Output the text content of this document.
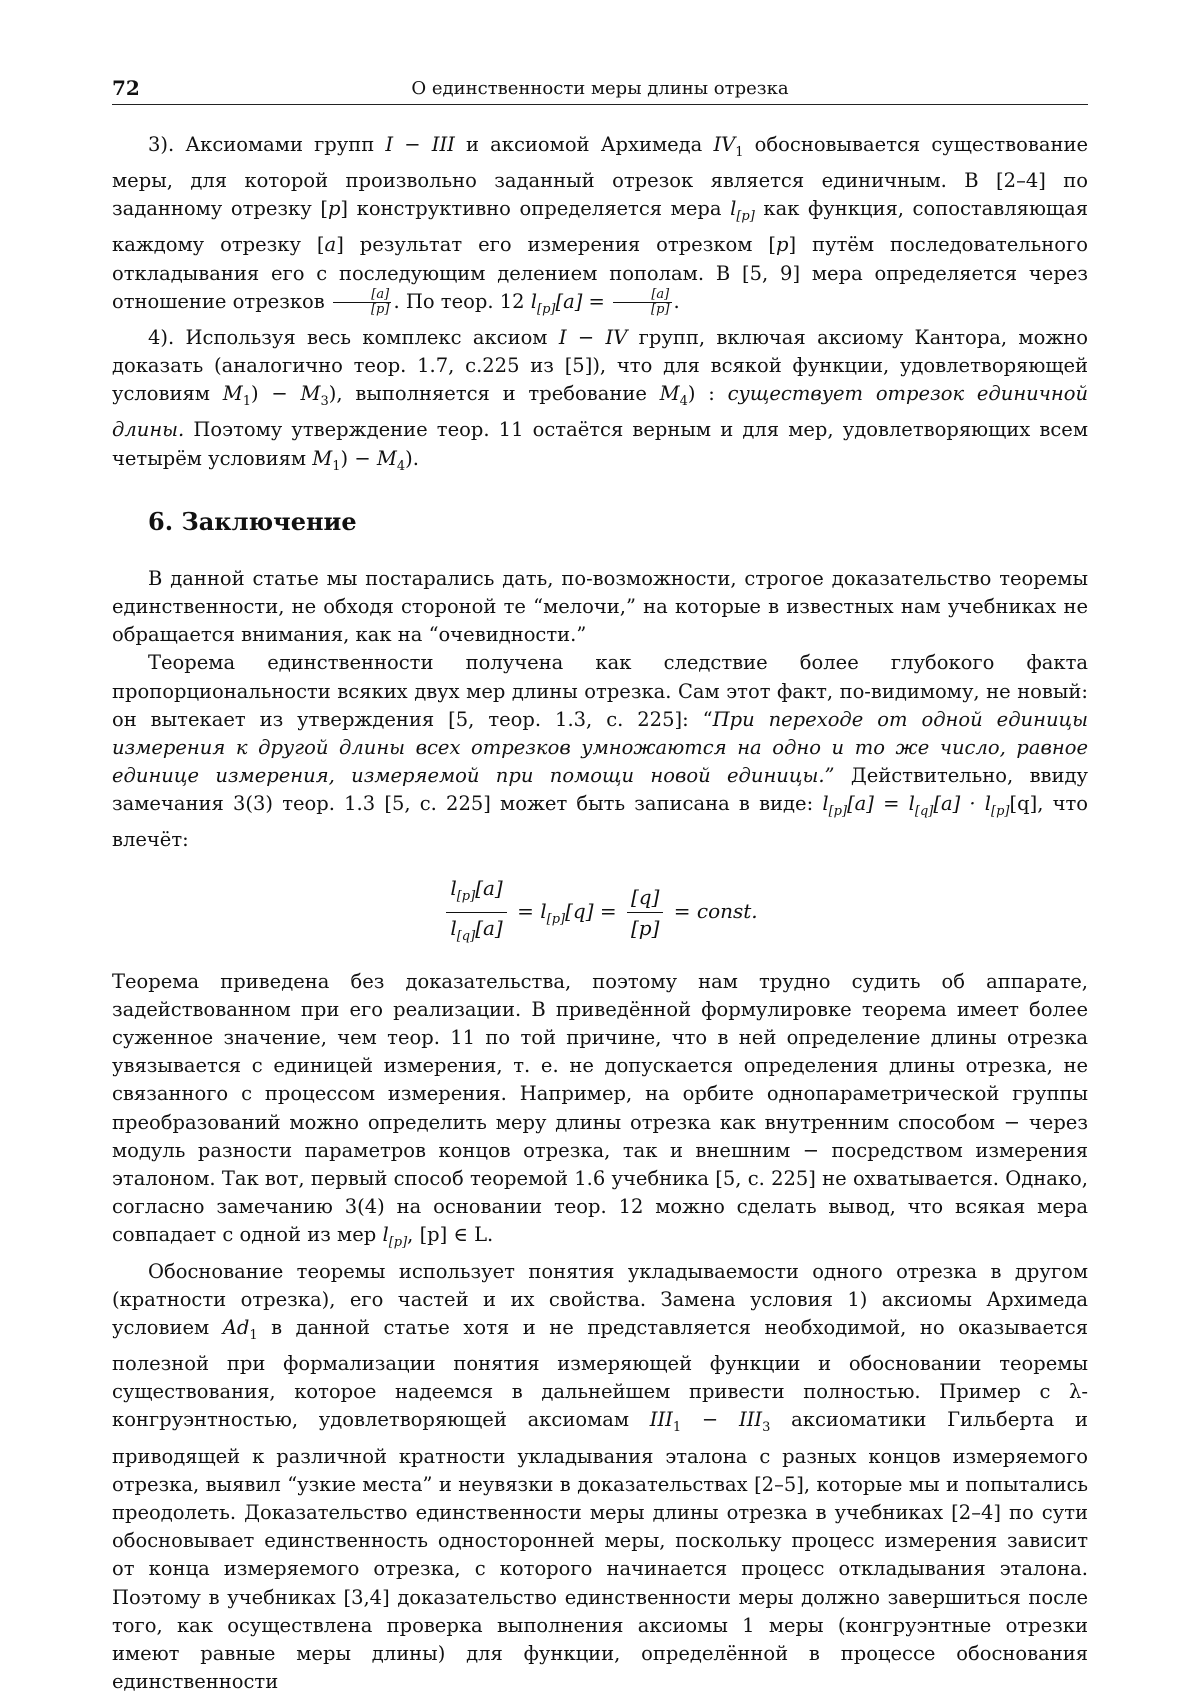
72	О единственности меры длины отрезка

3). Аксиомами групп I − III и аксиомой Архимеда $IV_1$ обосновывается существование меры, для которой произвольно заданный отрезок является единичным. В [2–4] по заданному отрезку [p] конструктивно определяется мера $l_{[p]}$ как функция, сопоставляющая каждому отрезку [a] результат его измерения отрезком [p] путём последовательного откладывания его с последующим делением пополам. В [5, 9] мера определяется через отношение отрезков $\frac{[a]}{[p]}$ . По теор. 12 $l_{[p]}[a] = \frac{[a]}{[p]}$ .

4). Используя весь комплекс аксиом I − IV групп, включая аксиому Кантора, можно доказать (аналогично теор. 1.7, с.225 из [5]), что для всякой функции, удовлетворяющей условиям $M_1) - M_3$), выполняется и требование $M_4$) : существует отрезок единичной длины. Поэтому утверждение теор. 11 остаётся верным и для мер, удовлетворяющих всем четырём условиям $M_1) - M_4$).

6. Заключение

В данной статье мы постарались дать, по-возможности, строгое доказательство теоремы единственности, не обходя стороной те “мелочи,” на которые в известных нам учебниках не обращается внимания, как на “очевидности.”

Теорема единственности получена как следствие более глубокого факта пропорциональности всяких двух мер длины отрезка. Сам этот факт, по-видимому, не новый: он вытекает из утверждения [5, теор. 1.3, с. 225]: “При переходе от одной единицы измерения к другой длины всех отрезков умножаются на одно и то же число, равное единице измерения, измеряемой при помощи новой единицы.” Действительно, ввиду замечания 3(3) теор. 1.3 [5, с. 225] может быть записана в виде: $l_{[p]}[a] = l_{[q]}[a] \cdot l_{[p]}[q]$, что влечёт:

$\frac{l_{[p]}[a]}{l_{[q]}[a]} = l_{[p]}[q] = \frac{[q]}{[p]}$ = const.

Теорема приведена без доказательства, поэтому нам трудно судить об аппарате, задействованном при его реализации. В приведённой формулировке теорема имеет более суженное значение, чем теор. 11 по той причине, что в ней определение длины отрезка увязывается с единицей измерения, т. е. не допускается определения длины отрезка, не связанного с процессом измерения. Например, на орбите однопараметрической группы преобразований можно определить меру длины отрезка как внутренним способом − через модуль разности параметров концов отрезка, так и внешним − посредством измерения эталоном. Так вот, первый способ теоремой 1.6 учебника [5, с. 225] не охватывается. Однако, согласно замечанию 3(4) на основании теор. 12 можно сделать вывод, что всякая мера совпадает с одной из мер $l_{[p]}$, [p] ∈ L.

Обоснование теоремы использует понятия укладываемости одного отрезка в другом (кратности отрезка), его частей и их свойства. Замена условия 1) аксиомы Архимеда условием $Ad_1$ в данной статье хотя и не представляется необходимой, но оказывается полезной при формализации понятия измеряющей функции и обосновании теоремы существования, которое надеемся в дальнейшем привести полностью. Пример с λ-конгруэнтностью, удовлетворяющей аксиомам $III_1 - III_3$ аксиоматики Гильберта и приводящей к различной кратности укладывания эталона с разных концов измеряемого отрезка, выявил “узкие места” и неувязки в доказательствах [2–5], которые мы и попытались преодолеть. Доказательство единственности меры длины отрезка в учебниках [2–4] по сути обосновывает единственность односторонней меры, поскольку процесс измерения зависит от конца измеряемого отрезка, с которого начинается процесс откладывания эталона. Поэтому в учебниках [3,4] доказательство единственности меры должно завершиться после того, как осуществлена проверка выполнения аксиомы 1 меры (конгруэнтные отрезки имеют равные меры длины) для функции, определённой в процессе обоснования единственности
